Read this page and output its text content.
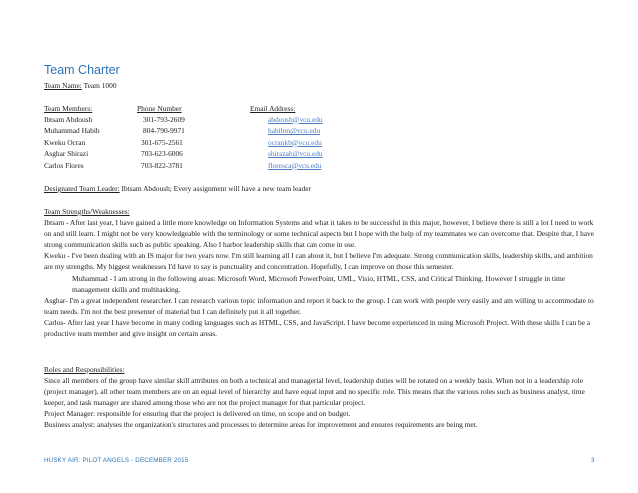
Team Charter
Team Name: Team 1000
Team Members:	Phone Number	Email Address:
Ibtsam Abdoush	301-793-2609	abdoush@vcu.edu
Muhammad Habib	804-790-9971	habibm@vcu.edu
Kweku Ocran	301-675-2561	ocrankb@vcu.edu
Asghar Shirazi	703-623-6006	shirazah@vcu.edu
Carlos Flores	703-822-3781	floresca@vcu.edu
Designated Team Leader: Ibtsam Abdoush; Every assignment will have a new team leader

Team Strengths/Weaknesses:

Ibtsam - After last year, I have gained a little more knowledge on Information Systems and what it takes to be successful in this major, however, I believe there is still a lot I need to work on and still learn. I might not be very knowledgeable with the terminology or some technical aspects but I hope with the help of my teammates we can overcome that. Despite that, I have strong communication skills such as public speaking. Also I harbor leadership skills that can come in use.

Kweku - I've been dealing with an IS major for two years now. I'm still learning all I can about it, but I believe I'm adequate. Strong communication skills, leadership skills, and ambition are my strengths. My biggest weaknesses I'd have to say is punctuality and concentration. Hopefully, I can improve on those this semester.

Muhammad - I am strong in the following areas: Microsoft Word, Microsoft PowerPoint, UML, Visio, HTML, CSS, and Critical Thinking. However I struggle in time management skills and multitasking.

Asghar- I'm a great independent researcher. I can research various topic information and report it back to the group. I can work with people very easily and am willing to accommodate to team needs. I'm not the best presenter of material but I can definitely put it all together.

Carlos- After last year I have become in many coding languages such as HTML, CSS, and JavaScript. I have become experienced in using Microsoft Project. With these skills I can be a productive team member and give insight on certain areas.

Roles and Responsibilities:

Since all members of the group have similar skill attributes on both a technical and managerial level, leadership duties will be rotated on a weekly basis. When not in a leadership role (project manager), all other team members are on an equal level of hierarchy and have equal input and no specific role. This means that the various roles such as business analyst, time keeper, and task manager are shared among those who are not the project manager for that particular project.

Project Manager: responsible for ensuring that the project is delivered on time, on scope and on budget.

Business analyst: analyses the organization's structures and processes to determine areas for improvement and ensures requirements are being met.

HUSKY AIR: PILOT ANGELS - DECEMBER 2015	3
